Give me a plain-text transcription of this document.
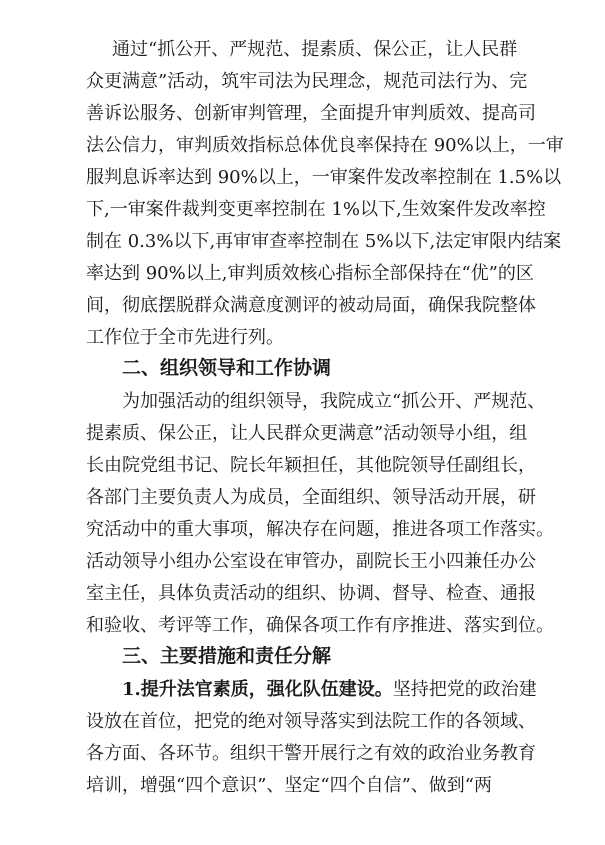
通过“抓公开、严规范、提素质、保公正，让人民群
众更满意”活动，筑牢司法为民理念，规范司法行为、完
善诉讼服务、创新审判管理，全面提升审判质效、提高司
法公信力，审判质效指标总体优良率保持在 90%以上，一审
服判息诉率达到 90%以上，一审案件发改率控制在 1.5%以
下,一审案件裁判变更率控制在 1%以下,生效案件发改率控
制在 0.3%以下,再审审查率控制在 5%以下,法定审限内结案
率达到 90%以上,审判质效核心指标全部保持在“优”的区
间，彻底摆脱群众满意度测评的被动局面，确保我院整体
工作位于全市先进行列。
二、组织领导和工作协调
为加强活动的组织领导，我院成立“抓公开、严规范、
提素质、保公正，让人民群众更满意”活动领导小组，组
长由院党组书记、院长年颖担任，其他院领导任副组长，
各部门主要负责人为成员，全面组织、领导活动开展，研
究活动中的重大事项，解决存在问题，推进各项工作落实。
活动领导小组办公室设在审管办，副院长王小四兼任办公
室主任，具体负责活动的组织、协调、督导、检查、通报
和验收、考评等工作，确保各项工作有序推进、落实到位。
三、主要措施和责任分解
1.提升法官素质，强化队伍建设。坚持把党的政治建
设放在首位，把党的绝对领导落实到法院工作的各领域、
各方面、各环节。组织干警开展行之有效的政治业务教育
培训，增强“四个意识”、坚定“四个自信”、做到“两
